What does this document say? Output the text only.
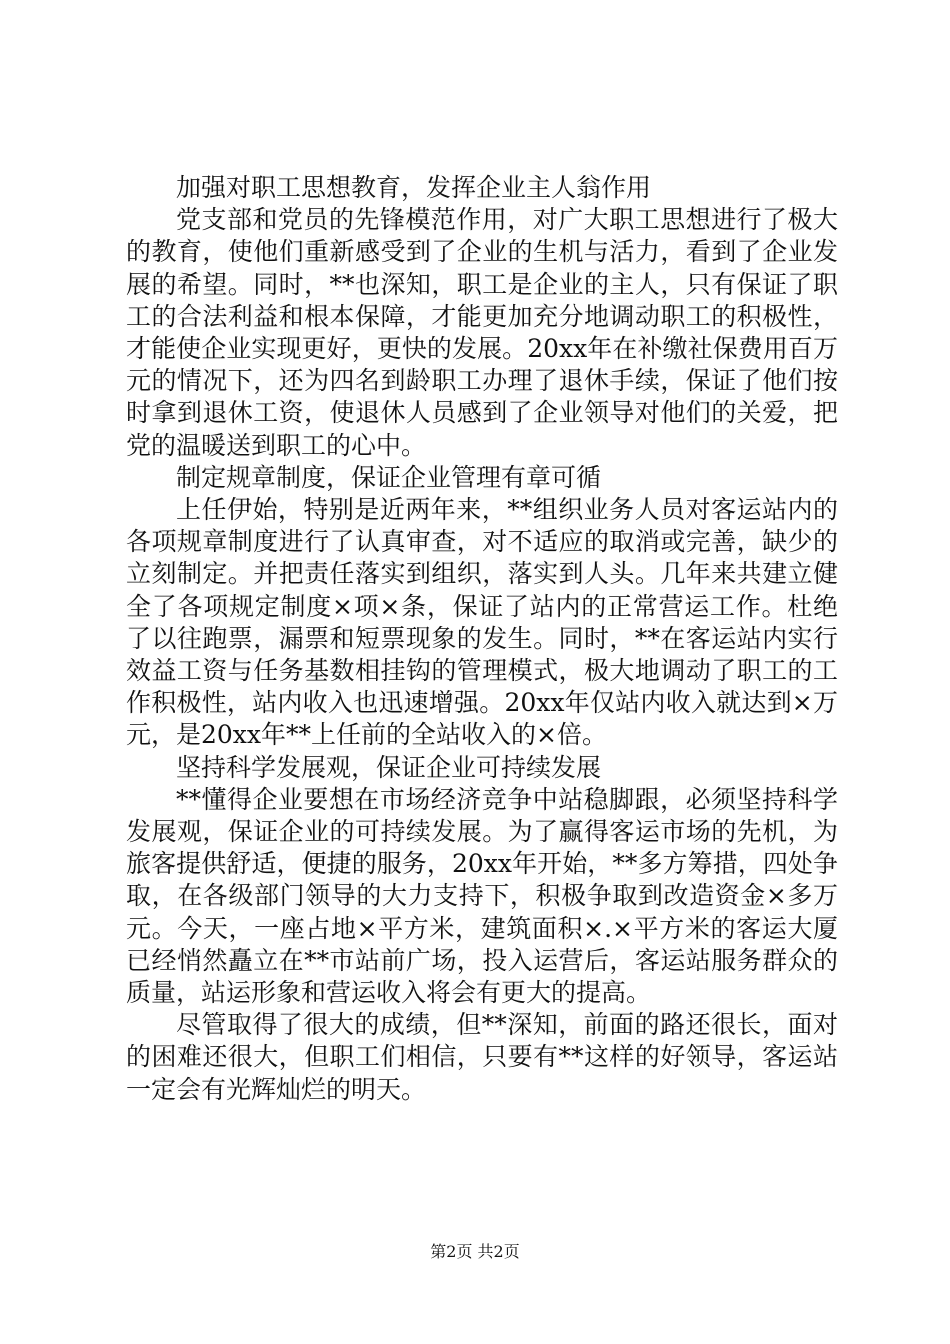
加强对职工思想教育，发挥企业主人翁作用

党支部和党员的先锋模范作用，对广大职工思想进行了极大的教育，使他们重新感受到了企业的生机与活力，看到了企业发展的希望。同时，**也深知，职工是企业的主人，只有保证了职工的合法利益和根本保障，才能更加充分地调动职工的积极性，才能使企业实现更好，更快的发展。20xx年在补缴社保费用百万元的情况下，还为四名到龄职工办理了退休手续，保证了他们按时拿到退休工资，使退休人员感到了企业领导对他们的关爱，把党的温暖送到职工的心中。

制定规章制度，保证企业管理有章可循

上任伊始，特别是近两年来，**组织业务人员对客运站内的各项规章制度进行了认真审查，对不适应的取消或完善，缺少的立刻制定。并把责任落实到组织，落实到人头。几年来共建立健全了各项规定制度×项×条，保证了站内的正常营运工作。杜绝了以往跑票，漏票和短票现象的发生。同时，**在客运站内实行效益工资与任务基数相挂钩的管理模式，极大地调动了职工的工作积极性，站内收入也迅速增强。20xx年仅站内收入就达到×万元，是20xx年**上任前的全站收入的×倍。

坚持科学发展观，保证企业可持续发展

**懂得企业要想在市场经济竞争中站稳脚跟，必须坚持科学发展观，保证企业的可持续发展。为了赢得客运市场的先机，为旅客提供舒适，便捷的服务，20xx年开始，**多方筹措，四处争取，在各级部门领导的大力支持下，积极争取到改造资金×多万元。今天，一座占地×平方米，建筑面积×.×平方米的客运大厦已经悄然矗立在**市站前广场，投入运营后，客运站服务群众的质量，站运形象和营运收入将会有更大的提高。

尽管取得了很大的成绩，但**深知，前面的路还很长，面对的困难还很大，但职工们相信，只要有**这样的好领导，客运站一定会有光辉灿烂的明天。

第2页 共2页
